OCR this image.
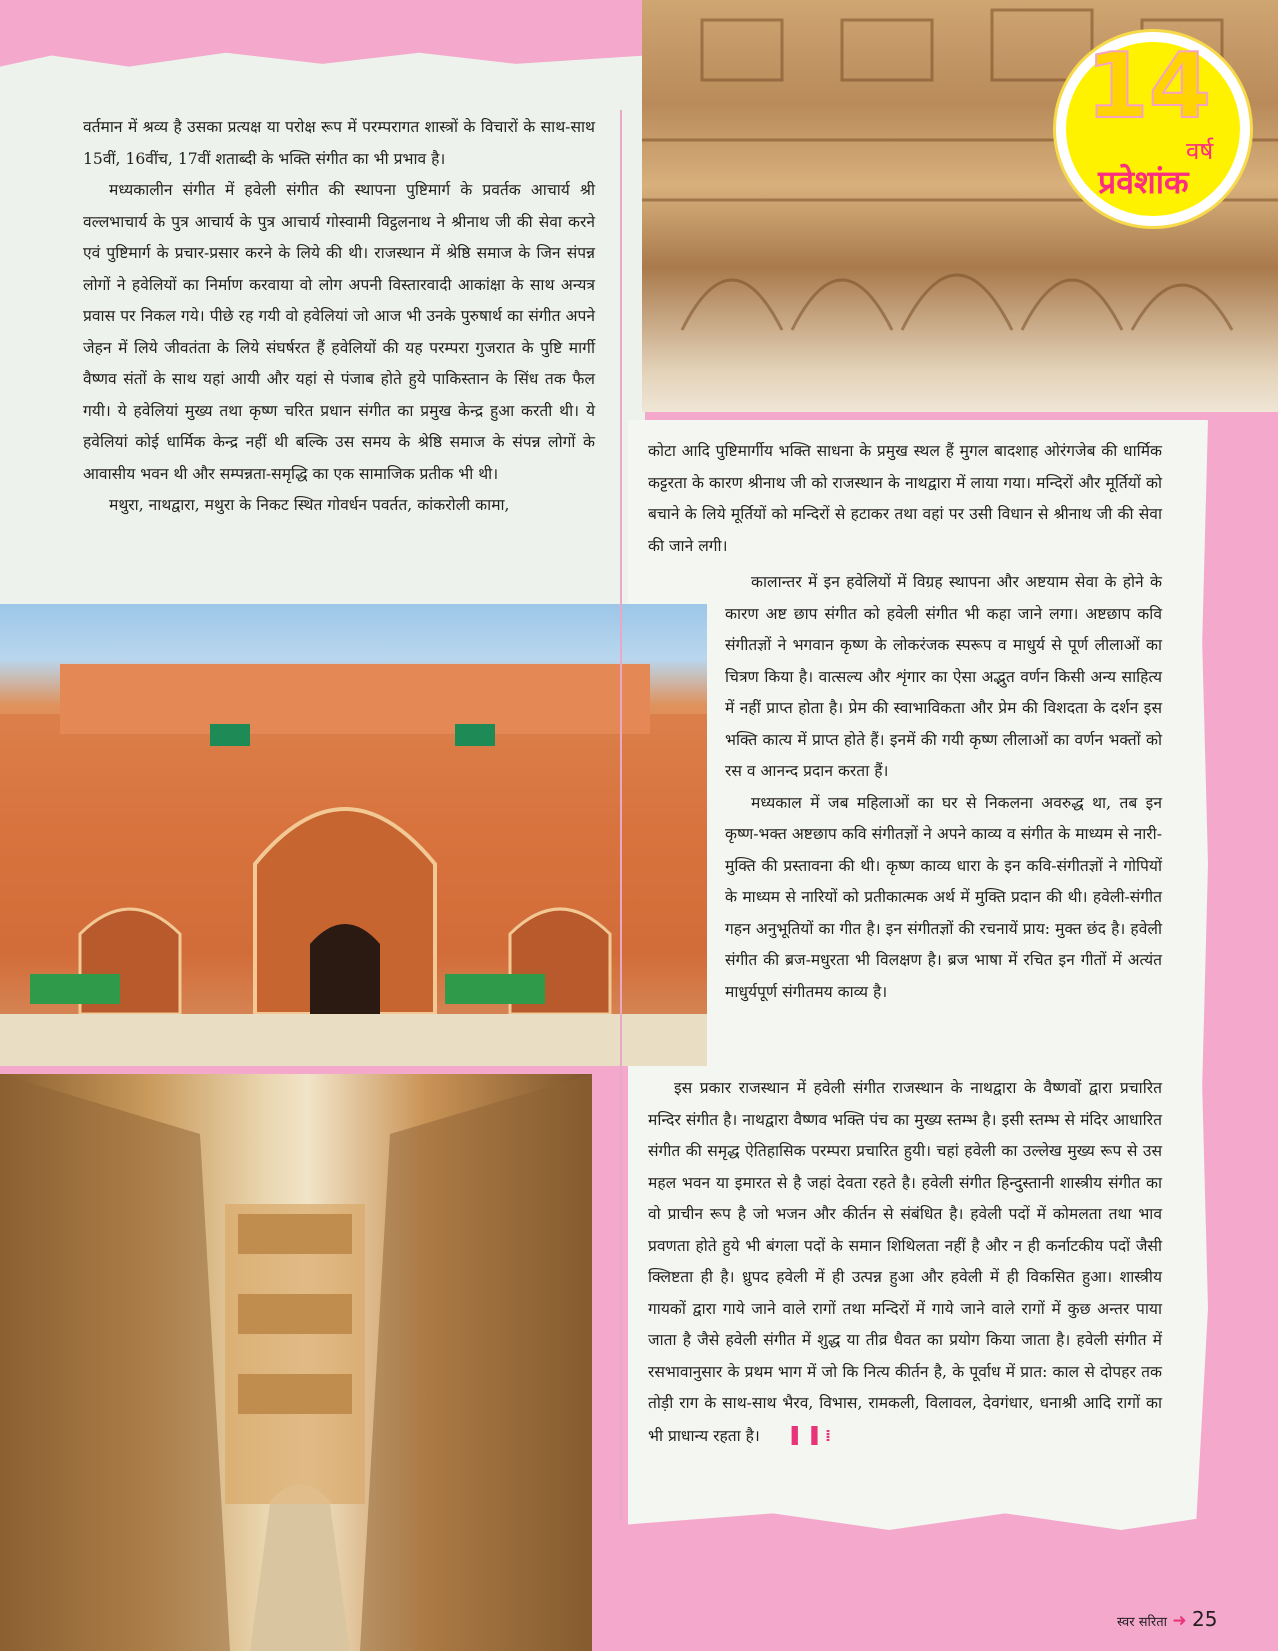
वर्तमान में श्रव्य है उसका प्रत्यक्ष या परोक्ष रूप में परम्परागत शास्त्रों के विचारों के साथ-साथ 15वीं, 16वींच, 17वीं शताब्दी के भक्ति संगीत का भी प्रभाव है।

मध्यकालीन संगीत में हवेली संगीत की स्थापना पुष्टिमार्ग के प्रवर्तक आचार्य श्री वल्लभाचार्य के पुत्र आचार्य के पुत्र आचार्य गोस्वामी विट्ठलनाथ ने श्रीनाथ जी की सेवा करने एवं पुष्टिमार्ग के प्रचार-प्रसार करने के लिये की थी। राजस्थान में श्रेष्ठि समाज के जिन संपन्न लोगों ने हवेलियों का निर्माण करवाया वो लोग अपनी विस्तारवादी आकांक्षा के साथ अन्यत्र प्रवास पर निकल गये। पीछे रह गयी वो हवेलियां जो आज भी उनके पुरुषार्थ का संगीत अपने जेहन में लिये जीवतंता के लिये संघर्षरत हैं हवेलियों की यह परम्परा गुजरात के पुष्टि मार्गी वैष्णव संतों के साथ यहां आयी और यहां से पंजाब होते हुये पाकिस्तान के सिंध तक फैल गयी। ये हवेलियां मुख्य तथा कृष्ण चरित प्रधान संगीत का प्रमुख केन्द्र हुआ करती थी। ये हवेलियां कोई धार्मिक केन्द्र नहीं थी बल्कि उस समय के श्रेष्ठि समाज के संपन्न लोगों के आवासीय भवन थी और सम्पन्नता-समृद्धि का एक सामाजिक प्रतीक भी थी।

मथुरा, नाथद्वारा, मथुरा के निकट स्थित गोवर्धन पवर्तत, कांकरोली कामा,

कोटा आदि पुष्टिमार्गीय भक्ति साधना के प्रमुख स्थल हैं मुगल बादशाह ओरंगजेब की धार्मिक कट्टरता के कारण श्रीनाथ जी को राजस्थान के नाथद्वारा में लाया गया। मन्दिरों और मूर्तियों को बचाने के लिये मूर्तियों को मन्दिरों से हटाकर तथा वहां पर उसी विधान से श्रीनाथ जी की सेवा की जाने लगी।

कालान्तर में इन हवेलियों में विग्रह स्थापना और अष्टयाम सेवा के होने के कारण अष्ट छाप संगीत को हवेली संगीत भी कहा जाने लगा। अष्टछाप कवि संगीतज्ञों ने भगवान कृष्ण के लोकरंजक स्परूप व माधुर्य से पूर्ण लीलाओं का चित्रण किया है। वात्सल्य और शृंगार का ऐसा अद्भुत वर्णन किसी अन्य साहित्य में नहीं प्राप्त होता है। प्रेम की स्वाभाविकता और प्रेम की विशदता के दर्शन इस भक्ति कात्य में प्राप्त होते हैं। इनमें की गयी कृष्ण लीलाओं का वर्णन भक्तों को रस व आनन्द प्रदान करता हैं।

मध्यकाल में जब महिलाओं का घर से निकलना अवरुद्ध था, तब इन कृष्ण-भक्त अष्टछाप कवि संगीतज्ञों ने अपने काव्य व संगीत के माध्यम से नारी-मुक्ति की प्रस्तावना की थी। कृष्ण काव्य धारा के इन कवि-संगीतज्ञों ने गोपियों के माध्यम से नारियों को प्रतीकात्मक अर्थ में मुक्ति प्रदान की थी। हवेली-संगीत गहन अनुभूतियों का गीत है। इन संगीतज्ञों की रचनायें प्राय: मुक्त छंद है। हवेली संगीत की ब्रज-मधुरता भी विलक्षण है। ब्रज भाषा में रचित इन गीतों में अत्यंत माधुर्यपूर्ण संगीतमय काव्य है।

इस प्रकार राजस्थान में हवेली संगीत राजस्थान के नाथद्वारा के वैष्णवों द्वारा प्रचारित मन्दिर संगीत है। नाथद्वारा वैष्णव भक्ति पंच का मुख्य स्तम्भ है। इसी स्तम्भ से मंदिर आधारित संगीत की समृद्ध ऐतिहासिक परम्परा प्रचारित हुयी। चहां हवेली का उल्लेख मुख्य रूप से उस महल भवन या इमारत से है जहां देवता रहते है। हवेली संगीत हिन्दुस्तानी शास्त्रीय संगीत का वो प्राचीन रूप है जो भजन और कीर्तन से संबंधित है। हवेली पदों में कोमलता तथा भाव प्रवणता होते हुये भी बंगला पदों के समान शिथिलता नहीं है और न ही कर्नाटकीय पदों जैसी क्लिष्टता ही है। ध्रुपद हवेली में ही उत्पन्न हुआ और हवेली में ही विकसित हुआ। शास्त्रीय गायकों द्वारा गाये जाने वाले रागों तथा मन्दिरों में गाये जाने वाले रागों में कुछ अन्तर पाया जाता है जैसे हवेली संगीत में शुद्ध या तीव्र धैवत का प्रयोग किया जाता है। हवेली संगीत में रसभावानुसार के प्रथम भाग में जो कि नित्य कीर्तन है, के पूर्वाध में प्रात: काल से दोपहर तक तोड़ी राग के साथ-साथ भैरव, विभास, रामकली, विलावल, देवगंधार, धनाश्री आदि रागों का भी प्राधान्य रहता है। ▌▐ ⁞

14
वर्ष
प्रवेशांक
स्वर सरिता ➜ 25
